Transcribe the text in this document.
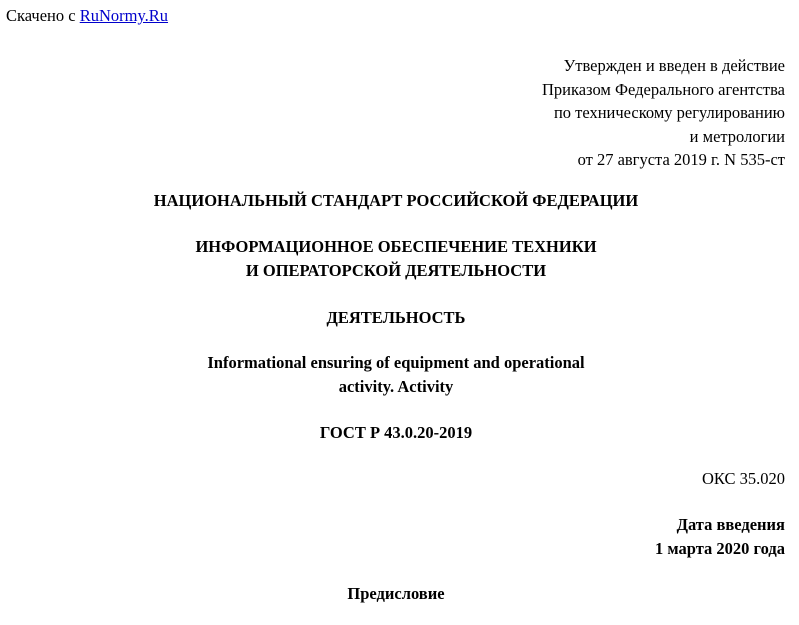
Скачено с RuNormy.Ru
Утвержден и введен в действие
Приказом Федерального агентства
по техническому регулированию
и метрологии
от 27 августа 2019 г. N 535-ст
НАЦИОНАЛЬНЫЙ СТАНДАРТ РОССИЙСКОЙ ФЕДЕРАЦИИ
ИНФОРМАЦИОННОЕ ОБЕСПЕЧЕНИЕ ТЕХНИКИ
И ОПЕРАТОРСКОЙ ДЕЯТЕЛЬНОСТИ
ДЕЯТЕЛЬНОСТЬ
Informational ensuring of equipment and operational
activity. Activity
ГОСТ Р 43.0.20-2019
ОКС 35.020
Дата введения
1 марта 2020 года
Предисловие
